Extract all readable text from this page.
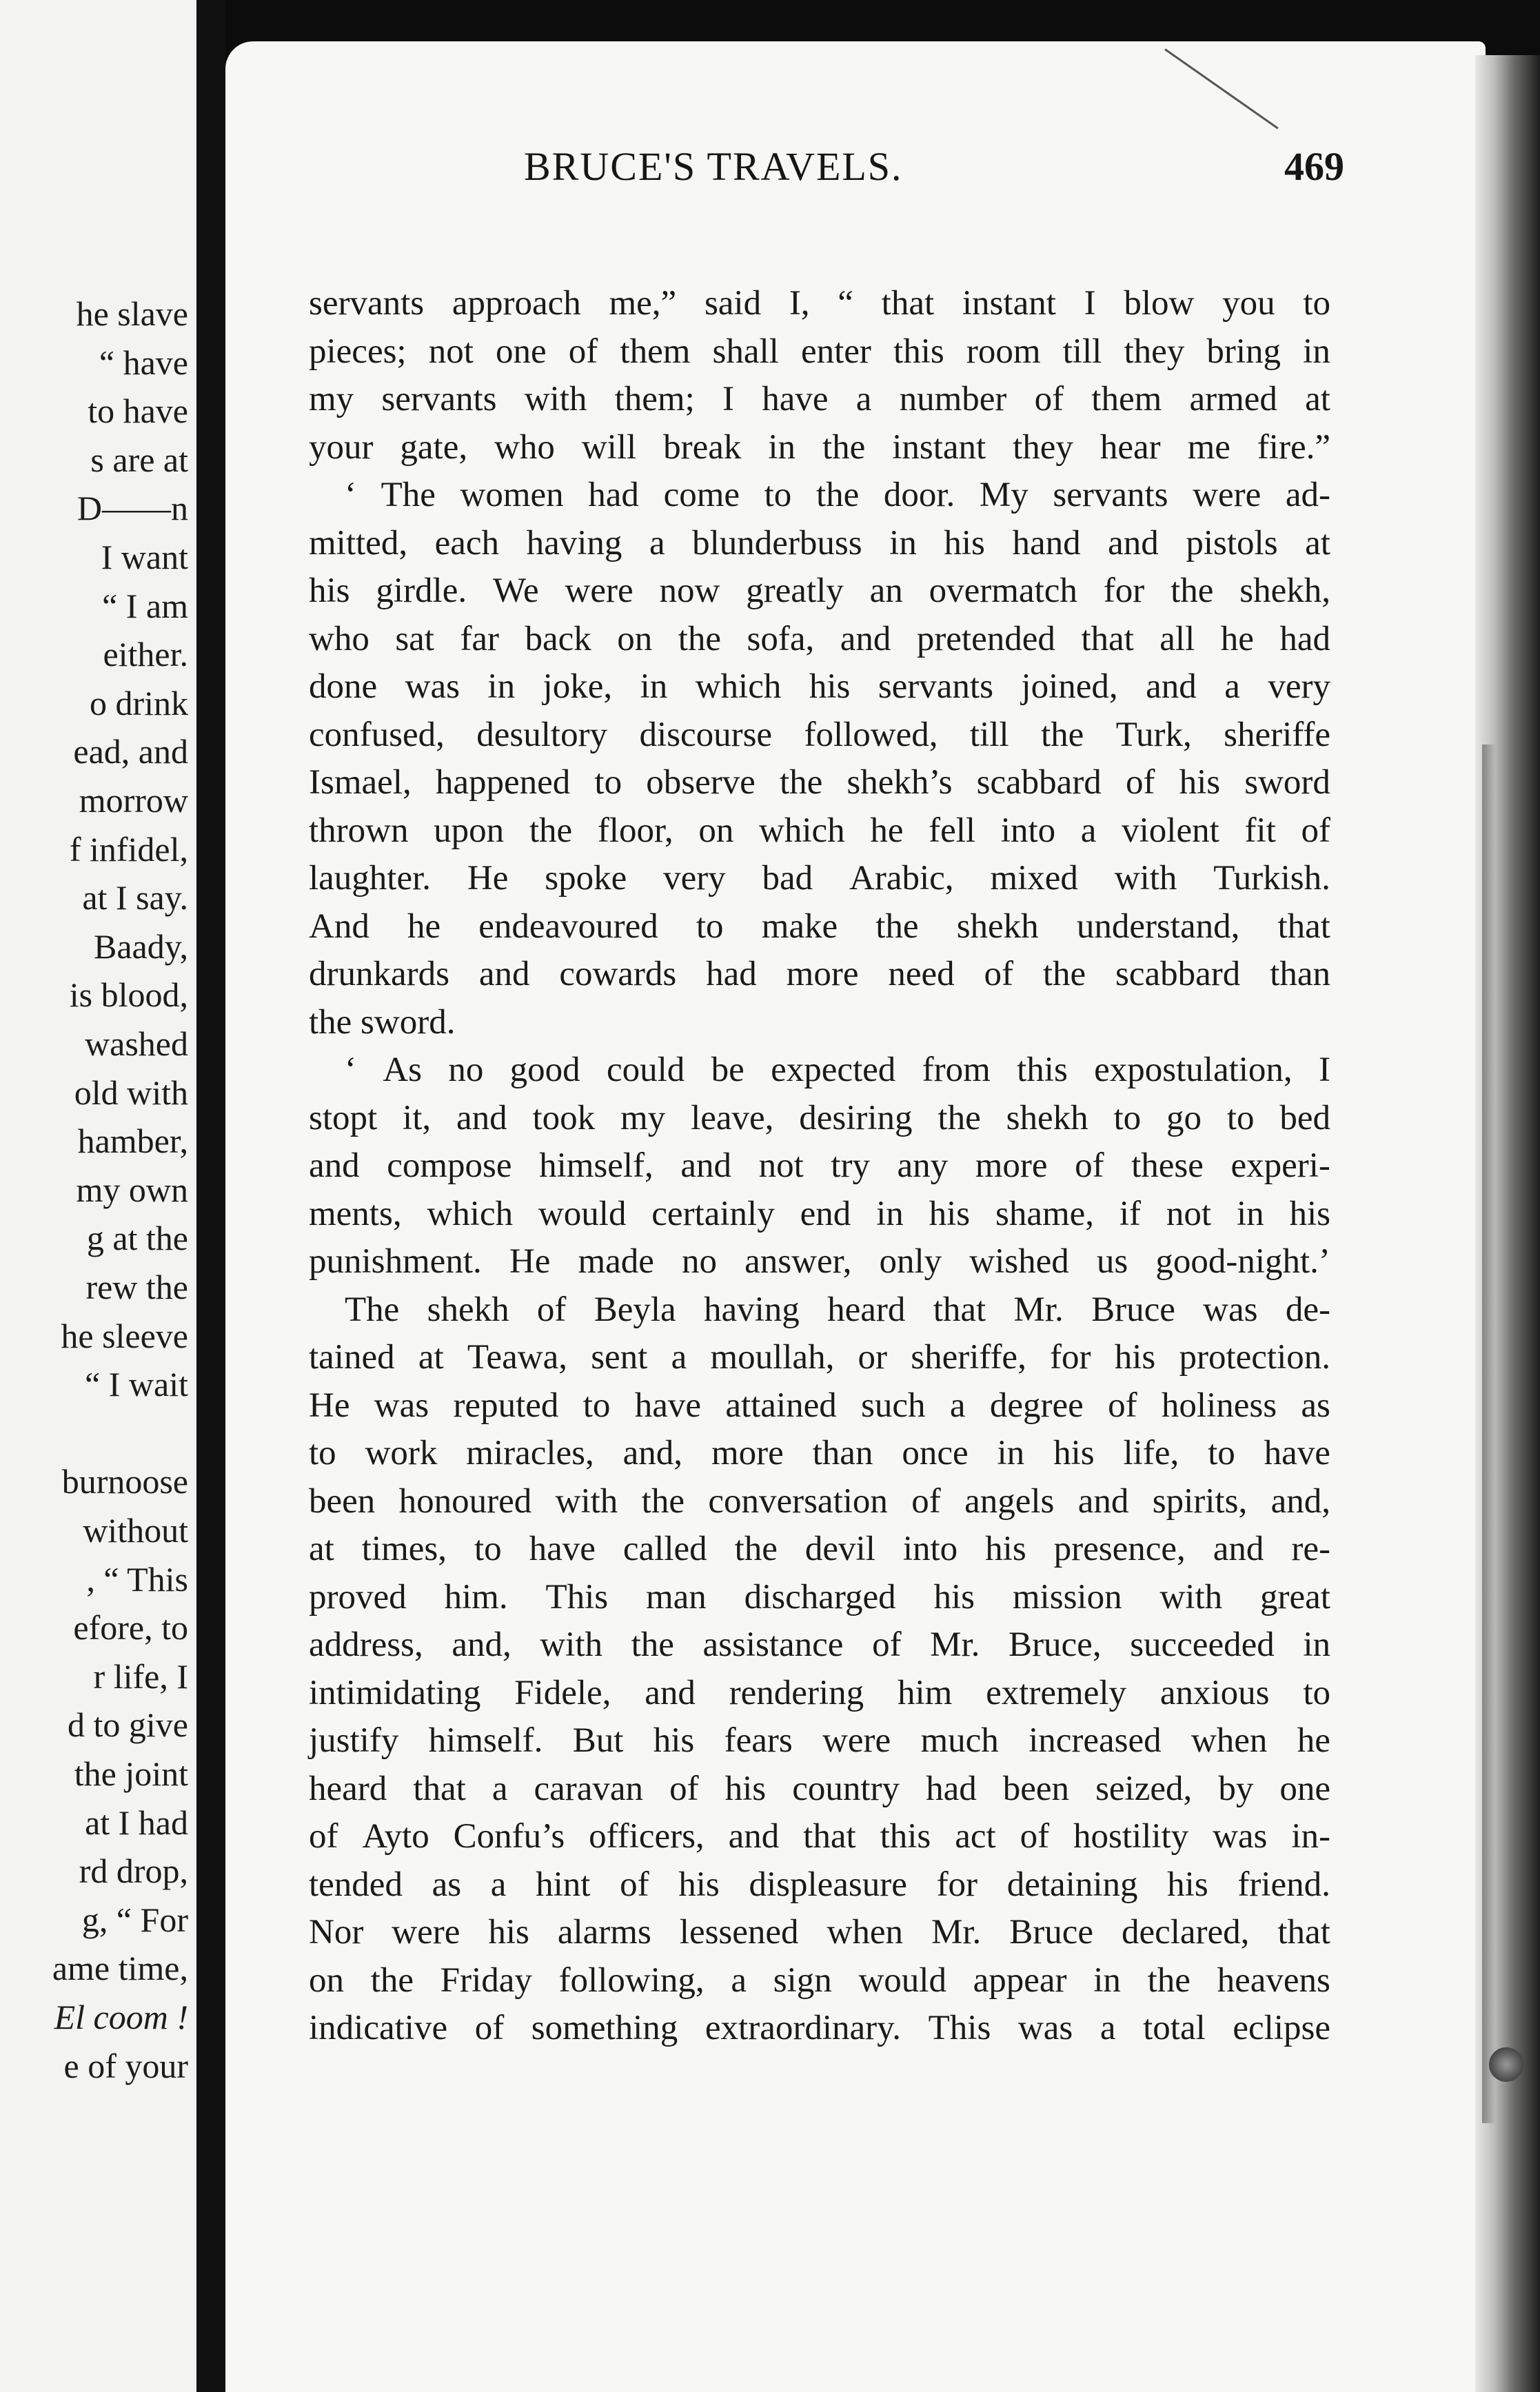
he slave
“ have
to have
s are at
D——n
I want
“ I am
either.
o drink
ead, and
morrow
f infidel,
at I say.
Baady,
is blood,
washed
old with
hamber,
my own
g at the
rew the
he sleeve
“ I wait
burnoose
without
, “ This
efore, to
r life, I
d to give
the joint
at I had
rd drop,
g, “ For
ame time,
El coom !
e of your
BRUCE'S TRAVELS.	469
servants approach me,” said I, “ that instant I blow you to
pieces; not one of them shall enter this room till they bring in
my servants with them; I have a number of them armed at
your gate, who will break in the instant they hear me fire.”
‘ The women had come to the door. My servants were ad-
mitted, each having a blunderbuss in his hand and pistols at
his girdle. We were now greatly an overmatch for the shekh,
who sat far back on the sofa, and pretended that all he had
done was in joke, in which his servants joined, and a very
confused, desultory discourse followed, till the Turk, sheriffe
Ismael, happened to observe the shekh’s scabbard of his sword
thrown upon the floor, on which he fell into a violent fit of
laughter. He spoke very bad Arabic, mixed with Turkish.
And he endeavoured to make the shekh understand, that
drunkards and cowards had more need of the scabbard than
the sword.
‘ As no good could be expected from this expostulation, I
stopt it, and took my leave, desiring the shekh to go to bed
and compose himself, and not try any more of these experi-
ments, which would certainly end in his shame, if not in his
punishment. He made no answer, only wished us good-night.’
The shekh of Beyla having heard that Mr. Bruce was de-
tained at Teawa, sent a moullah, or sheriffe, for his protection.
He was reputed to have attained such a degree of holiness as
to work miracles, and, more than once in his life, to have
been honoured with the conversation of angels and spirits, and,
at times, to have called the devil into his presence, and re-
proved him. This man discharged his mission with great
address, and, with the assistance of Mr. Bruce, succeeded in
intimidating Fidele, and rendering him extremely anxious to
justify himself. But his fears were much increased when he
heard that a caravan of his country had been seized, by one
of Ayto Confu’s officers, and that this act of hostility was in-
tended as a hint of his displeasure for detaining his friend.
Nor were his alarms lessened when Mr. Bruce declared, that
on the Friday following, a sign would appear in the heavens
indicative of something extraordinary. This was a total eclipse
